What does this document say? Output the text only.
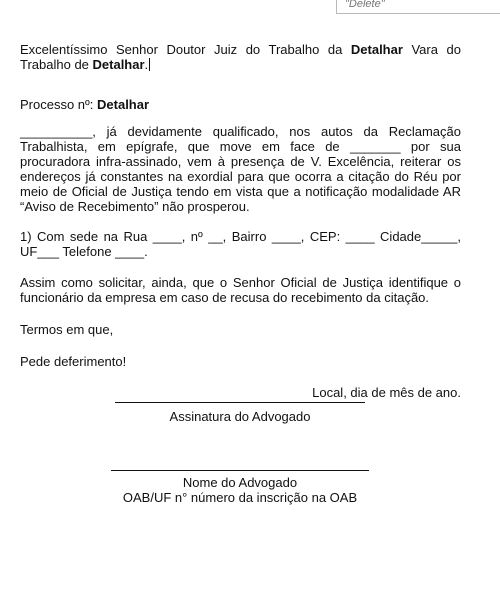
"Delete"

Excelentíssimo Senhor Doutor Juiz do Trabalho da Detalhar Vara do Trabalho de Detalhar.

Processo nº: Detalhar

__________, já devidamente qualificado, nos autos da Reclamação Trabalhista, em epígrafe, que move em face de _______ por sua procuradora infra-assinado, vem à presença de V. Excelência, reiterar os endereços já constantes na exordial para que ocorra a citação do Réu por meio de Oficial de Justiça tendo em vista que a notificação modalidade AR “Aviso de Recebimento” não prosperou.

1) Com sede na Rua ____, nº __, Bairro ____, CEP: ____ Cidade_____, UF___ Telefone ____.

Assim como solicitar, ainda, que o Senhor Oficial de Justiça identifique o funcionário da empresa em caso de recusa do recebimento da citação.

Termos em que,

Pede deferimento!

Local, dia de mês de ano.

Assinatura do Advogado
Nome do Advogado
OAB/UF n° número da inscrição na OAB
